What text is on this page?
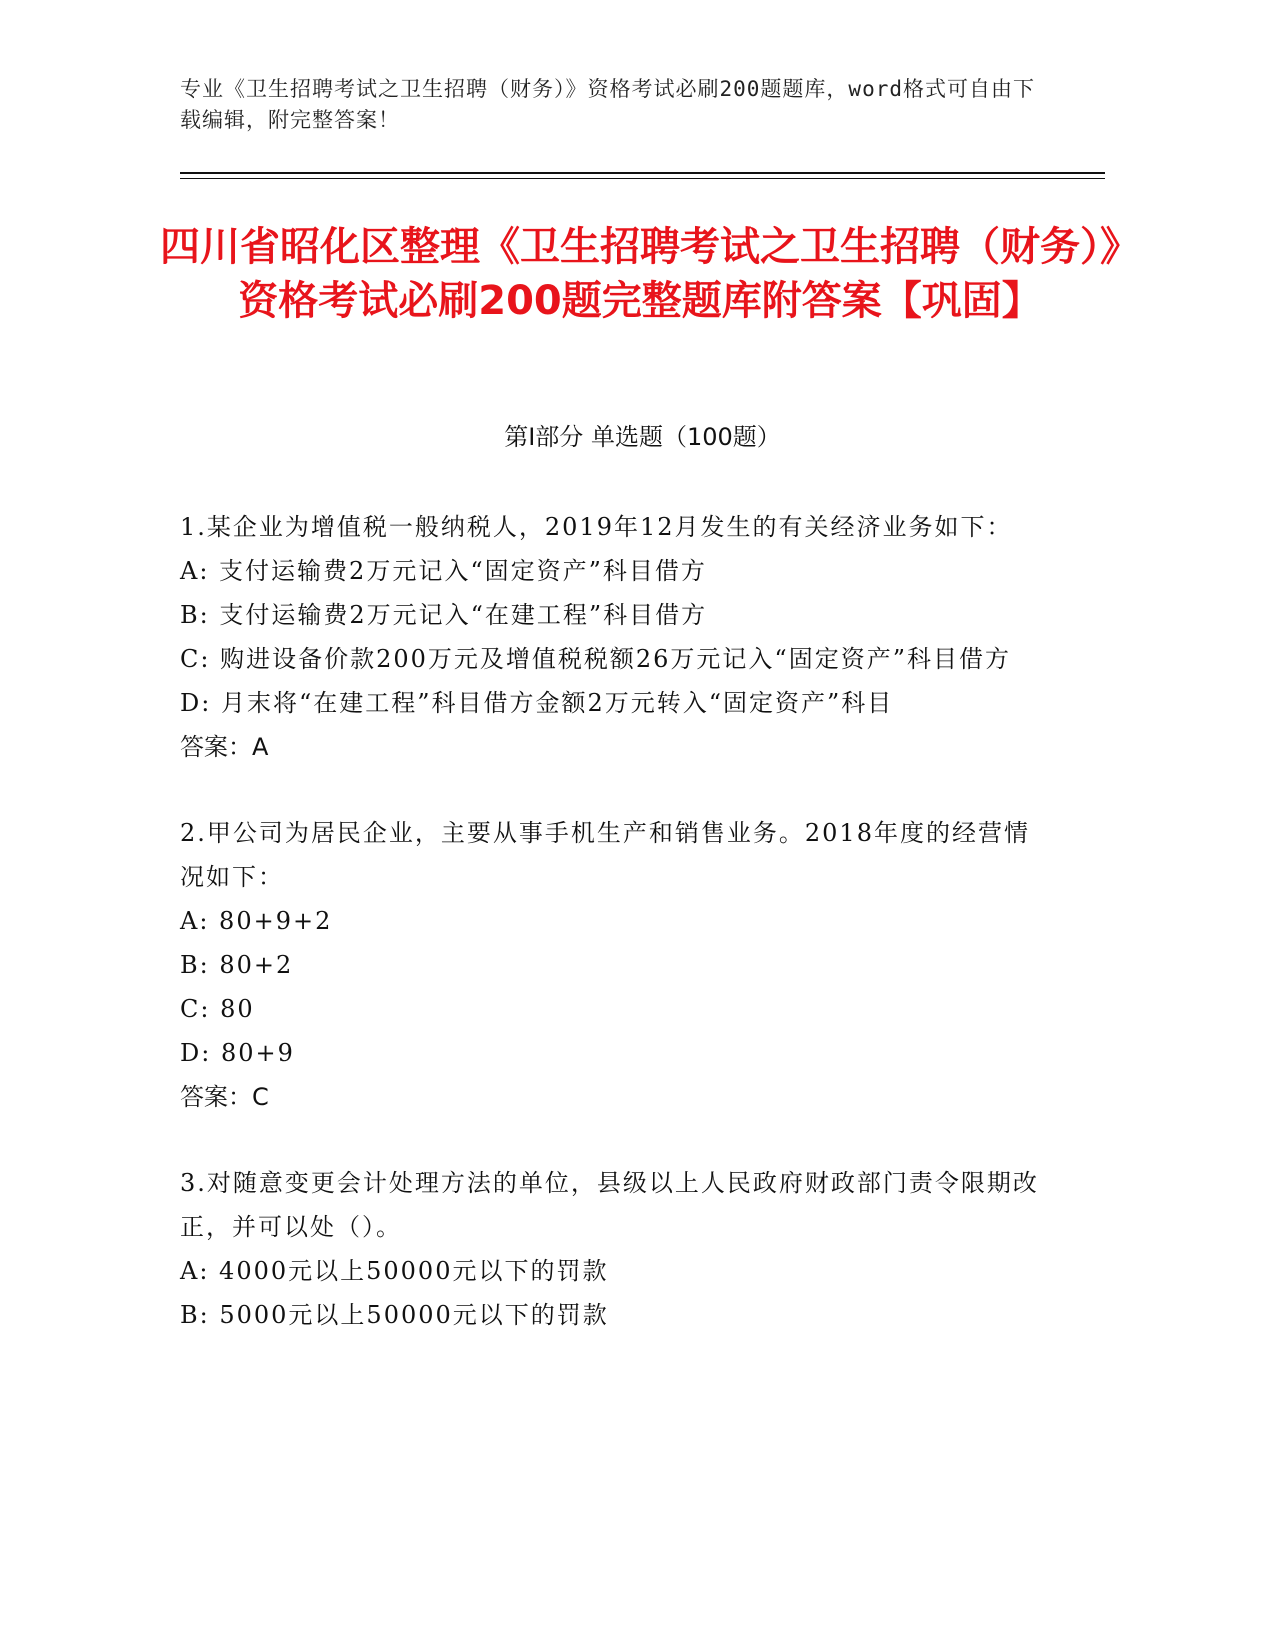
专业《卫生招聘考试之卫生招聘（财务）》资格考试必刷200题题库，word格式可自由下载编辑，附完整答案！
四川省昭化区整理《卫生招聘考试之卫生招聘（财务）》资格考试必刷200题完整题库附答案【巩固】
第Ⅰ部分 单选题（100题）
1.某企业为增值税一般纳税人，2019年12月发生的有关经济业务如下：
A: 支付运输费2万元记入“固定资产”科目借方
B: 支付运输费2万元记入“在建工程”科目借方
C: 购进设备价款200万元及增值税税额26万元记入“固定资产”科目借方
D: 月末将“在建工程”科目借方金额2万元转入“固定资产”科目
答案：A
2.甲公司为居民企业，主要从事手机生产和销售业务。2018年度的经营情况如下：
A: 80+9+2
B: 80+2
C: 80
D: 80+9
答案：C
3.对随意变更会计处理方法的单位，县级以上人民政府财政部门责令限期改正，并可以处（）。
A: 4000元以上50000元以下的罚款
B: 5000元以上50000元以下的罚款
